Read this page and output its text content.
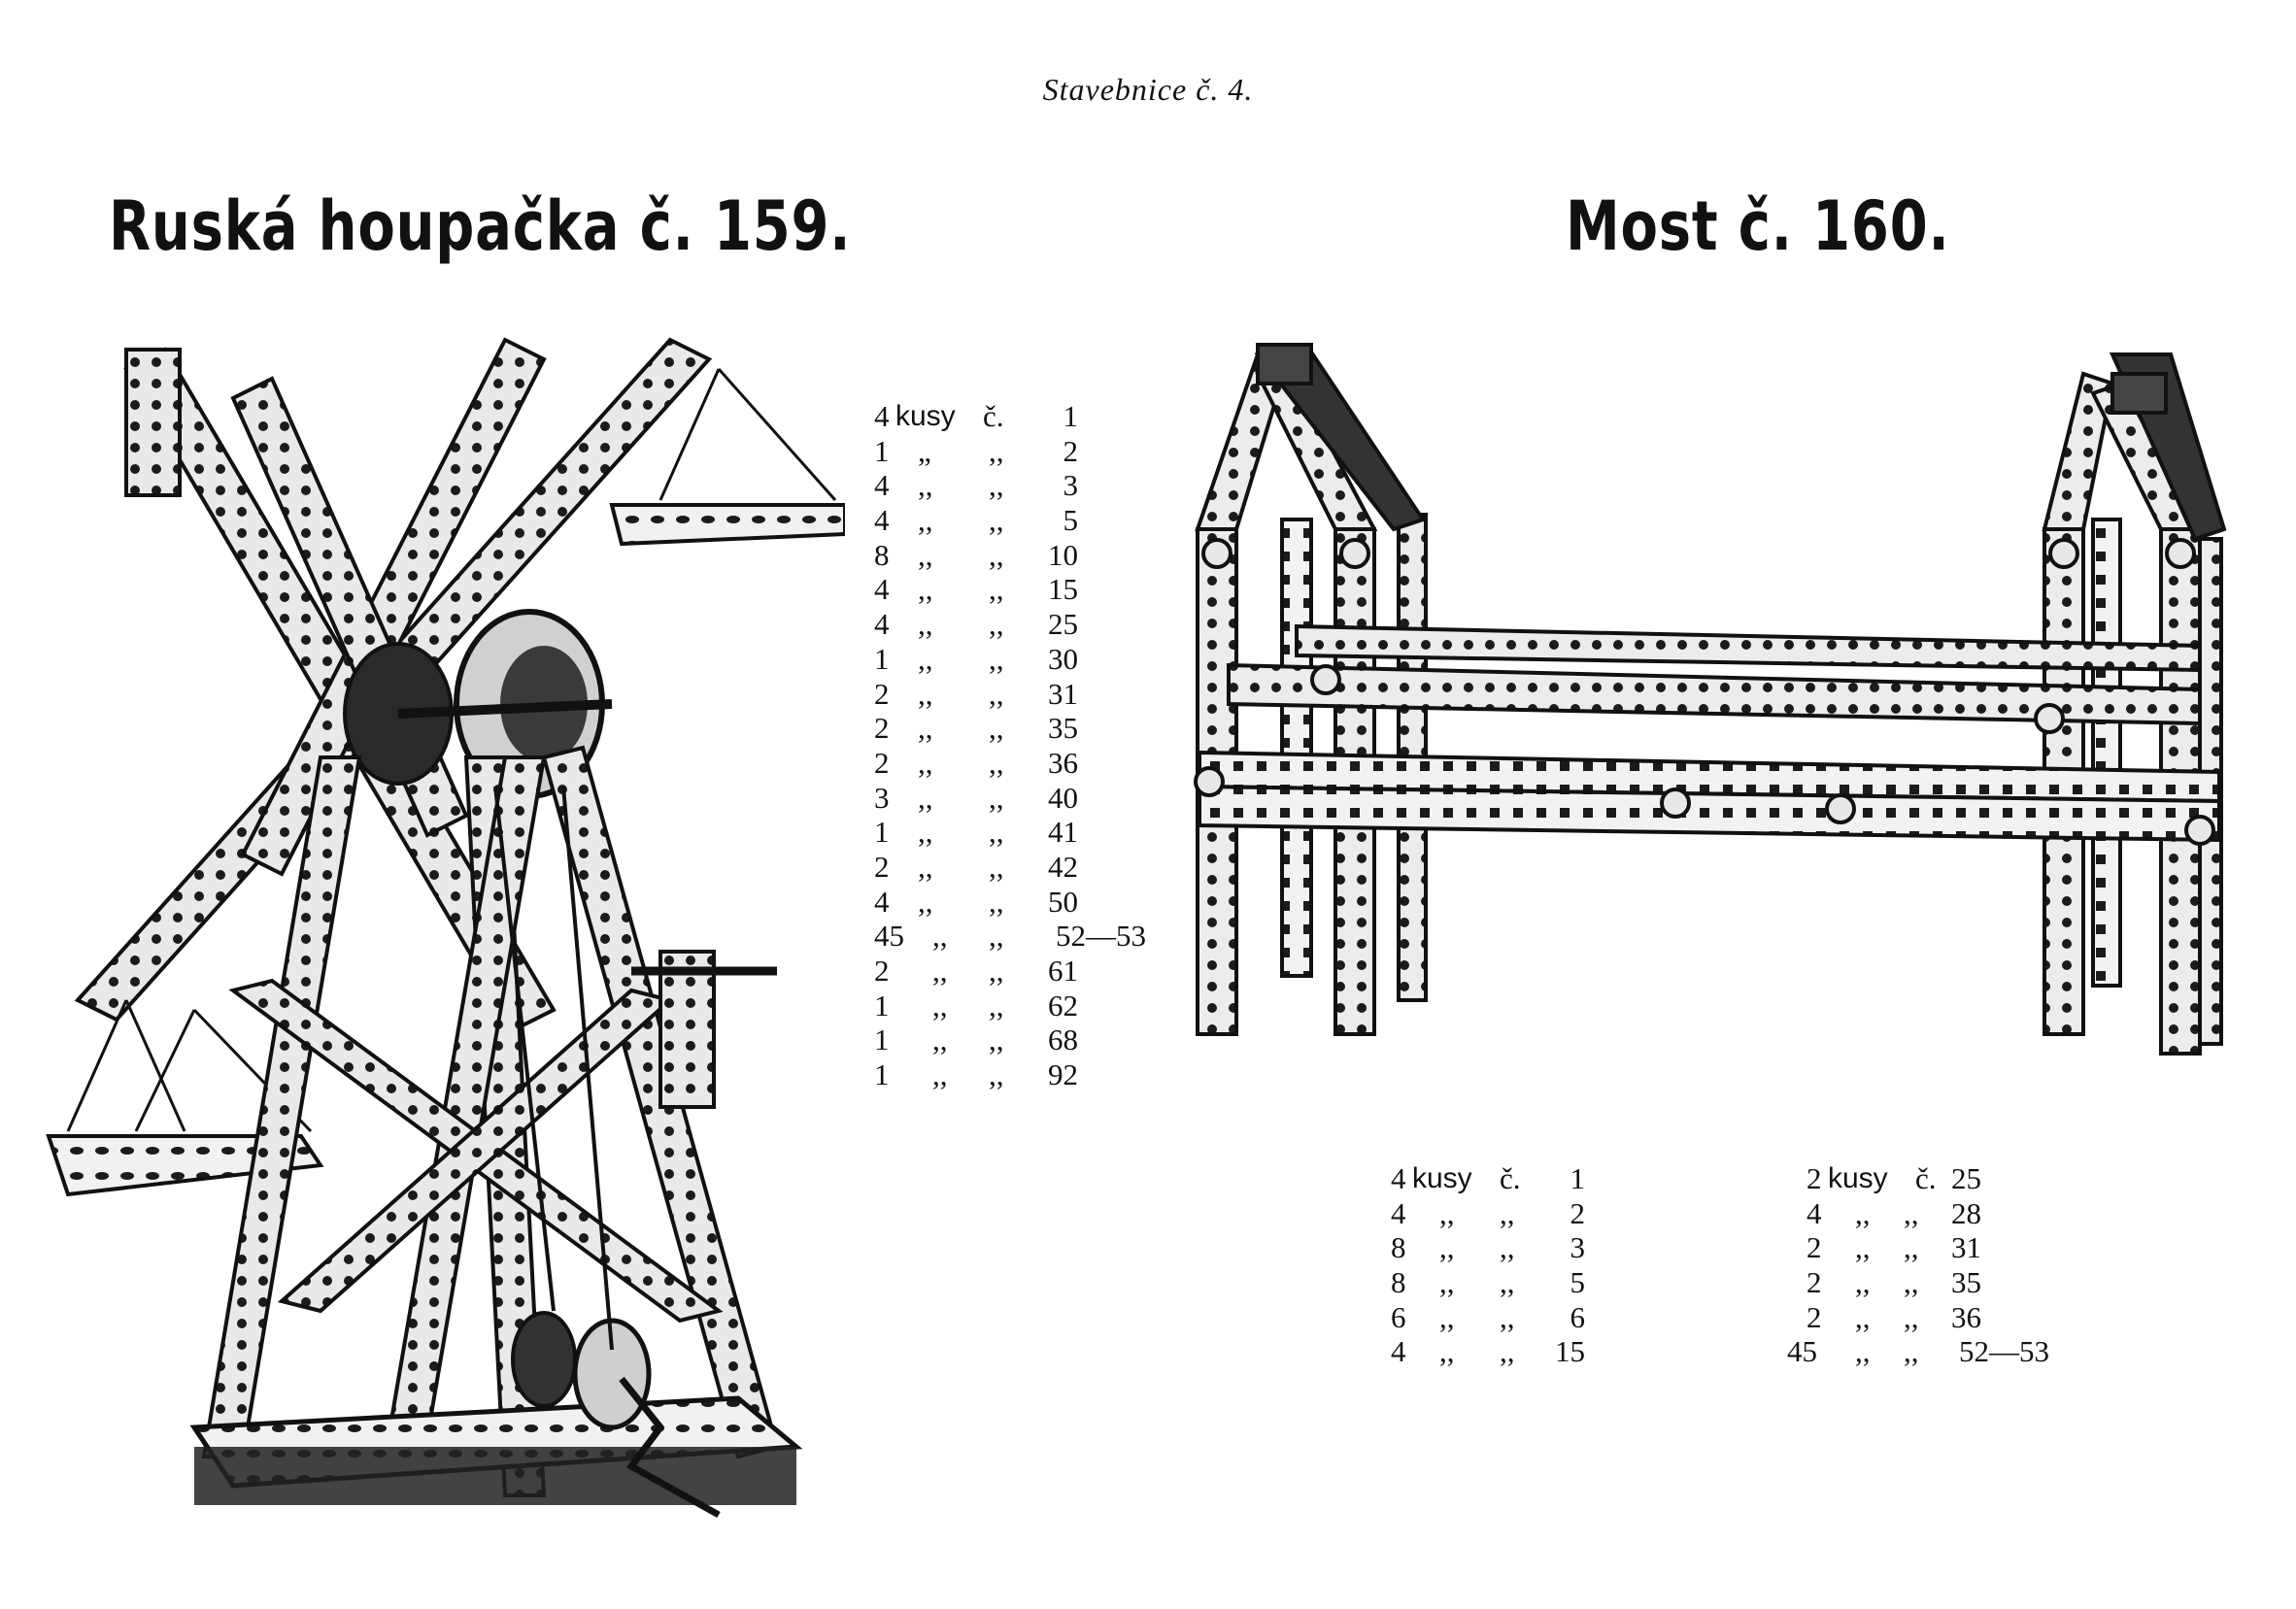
Stavebnice č. 4.
Ruská houpačka č. 159.	Most č. 160.
4 kusy č. 1
1 „ ,, 2
4 ,, ,, 3
4 ,, ,, 5
8 ,, ,, 10
4 ,, ,, 15
4 ,, ,, 25
1 ,, ,, 30
2 ,, ,, 31
2 ,, ,, 35
2 ,, ,, 36
3 ,, ,, 40
1 ,, ,, 41
2 ,, ,, 42
4 ,, ,, 50
45 ,, ,, 52—53
2	,, ,, 61
1	,, ,, 62
1	,, ,, 68
1	,, ,, 92
4 kusy č. 1
4	,, ,, 2
8	,, ,, 3
8	,, ,, 5
6	,, ,, 6
4	,, ,, 15
2 kusy č. 25
4	,, ,, 28
2	,, ,, 31
2	,, ,, 35
2	,, ,, 36
45 ,, ,, 52—53
